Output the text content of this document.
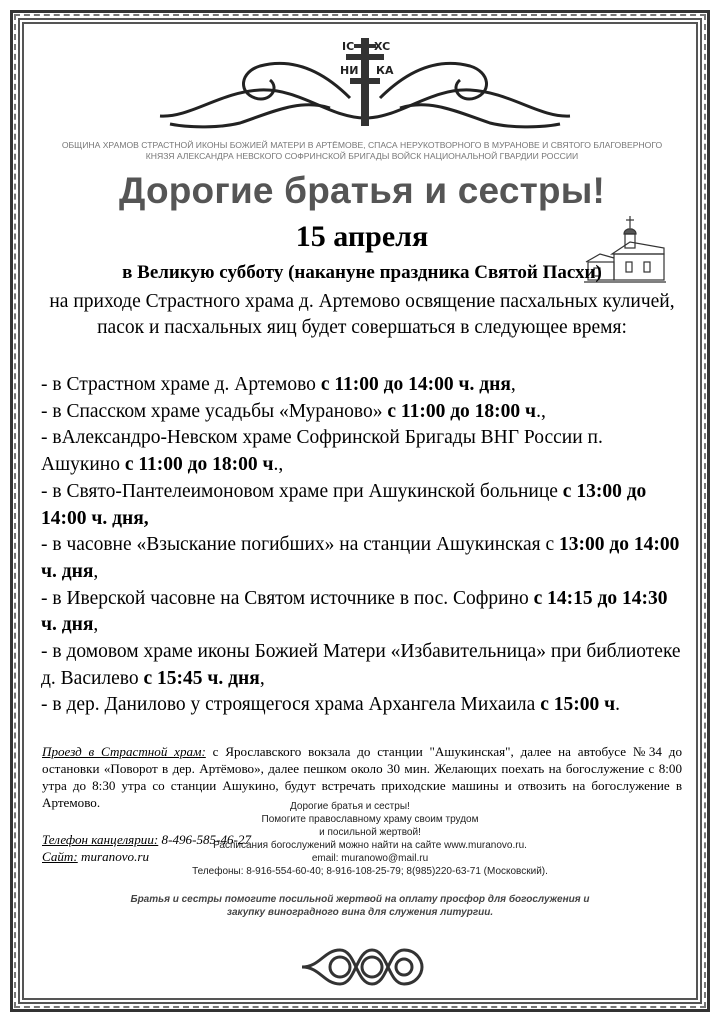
IC XC
НИ КА
ОБЩИНА ХРАМОВ СТРАСТНОЙ ИКОНЫ БОЖИЕЙ МАТЕРИ В АРТЁМОВЕ, СПАСА НЕРУКОТВОРНОГО В МУРАНОВЕ И СВЯТОГО БЛАГОВЕРНОГО КНЯЗЯ АЛЕКСАНДРА НЕВСКОГО СОФРИНСКОЙ БРИГАДЫ ВОЙСК НАЦИОНАЛЬНОЙ ГВАРДИИ РОССИИ
Дорогие братья и сестры!
15 апреля
в Великую субботу (накануне праздника Святой Пасхи)
на приходе Страстного храма д. Артемово освящение пасхальных куличей, пасок и пасхальных яиц будет совершаться в следующее время:

- в Страстном храме д. Артемово с 11:00 до 14:00 ч. дня,

- в Спасском храме усадьбы «Мураново» с 11:00 до 18:00 ч.,

- вАлександро-Невском храме Софринской Бригады ВНГ России п. Ашукино с 11:00 до 18:00 ч.,

- в Свято-Пантелеимоновом храме при Ашукинской больнице с 13:00 до 14:00 ч. дня,

- в часовне «Взыскание погибших» на станции Ашукинская с 13:00 до 14:00 ч. дня,

- в Иверской часовне на Святом источнике в пос. Софрино с 14:15 до 14:30 ч. дня,

- в домовом храме иконы Божией Матери «Избавительница» при библиотеке д. Василево с 15:45 ч. дня,

- в дер. Данилово у строящегося храма Архангела Михаила с 15:00 ч.

Проезд в Страстной храм: с Ярославского вокзала до станции "Ашукинская", далее на автобусе №34 до остановки «Поворот в дер. Артёмово», далее пешком около 30 мин. Желающих поехать на богослужение с 8:00 утра до 8:30 утра со станции Ашукино, будут встречать приходские машины и отвозить на богослужение в Артемово.
Телефон канцелярии: 8-496-585-46-27
Сайт: muranovo.ru
Дорогие братья и сестры!
Помогите православному храму своим трудом
и посильной жертвой!
Расписания богослужений можно найти на сайте www.muranovo.ru.
email: muranowo@mail.ru
Телефоны: 8-916-554-60-40; 8-916-108-25-79; 8(985)220-63-71 (Московский).
Братья и сестры помогите посильной жертвой на оплату просфор для богослужения и закупку виноградного вина для служения литургии.
